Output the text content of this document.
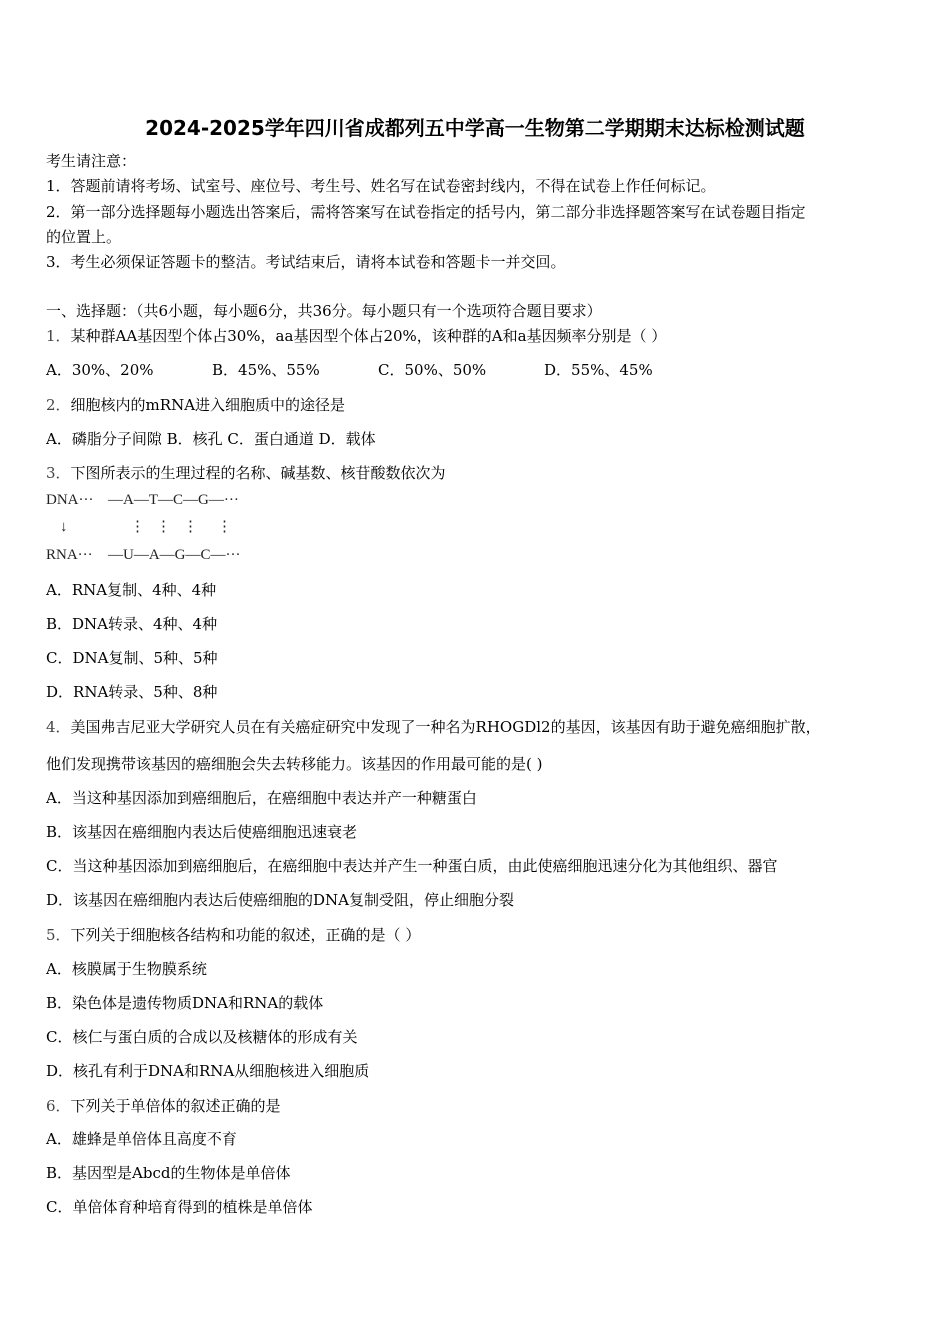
2024-2025学年四川省成都列五中学高一生物第二学期期末达标检测试题
考生请注意：
1．答题前请将考场、试室号、座位号、考生号、姓名写在试卷密封线内，不得在试卷上作任何标记。
2．第一部分选择题每小题选出答案后，需将答案写在试卷指定的括号内，第二部分非选择题答案写在试卷题目指定
的位置上。
3．考生必须保证答题卡的整洁。考试结束后，请将本试卷和答题卡一并交回。
一、选择题：（共6小题，每小题6分，共36分。每小题只有一个选项符合题目要求）
1．某种群AA基因型个体占30%，aa基因型个体占20%，该种群的A和a基因频率分别是（ ）
A．30%、20%	B．45%、55%	C．50%、50%	D．55%、45%
2．细胞核内的mRNA进入细胞质中的途径是
A．磷脂分子间隙 B．核孔 C．蛋白通道 D．载体
3．下图所表示的生理过程的名称、碱基数、核苷酸数依次为
DNA··· —A—T—C—G—···
↓	⋮ ⋮ ⋮ ⋮
RNA··· —U—A—G—C—···
A．RNA复制、4种、4种
B．DNA转录、4种、4种
C．DNA复制、5种、5种
D．RNA转录、5种、8种
4．美国弗吉尼亚大学研究人员在有关癌症研究中发现了一种名为RHOGDl2的基因，该基因有助于避免癌细胞扩散，
他们发现携带该基因的癌细胞会失去转移能力。该基因的作用最可能的是( )
A．当这种基因添加到癌细胞后，在癌细胞中表达并产一种糖蛋白
B．该基因在癌细胞内表达后使癌细胞迅速衰老
C．当这种基因添加到癌细胞后，在癌细胞中表达并产生一种蛋白质，由此使癌细胞迅速分化为其他组织、器官
D．该基因在癌细胞内表达后使癌细胞的DNA复制受阻，停止细胞分裂
5．下列关于细胞核各结构和功能的叙述，正确的是（ ）
A．核膜属于生物膜系统
B．染色体是遗传物质DNA和RNA的载体
C．核仁与蛋白质的合成以及核糖体的形成有关
D．核孔有利于DNA和RNA从细胞核进入细胞质
6．下列关于单倍体的叙述正确的是
A．雄蜂是单倍体且高度不育
B．基因型是Abcd的生物体是单倍体
C．单倍体育种培育得到的植株是单倍体
